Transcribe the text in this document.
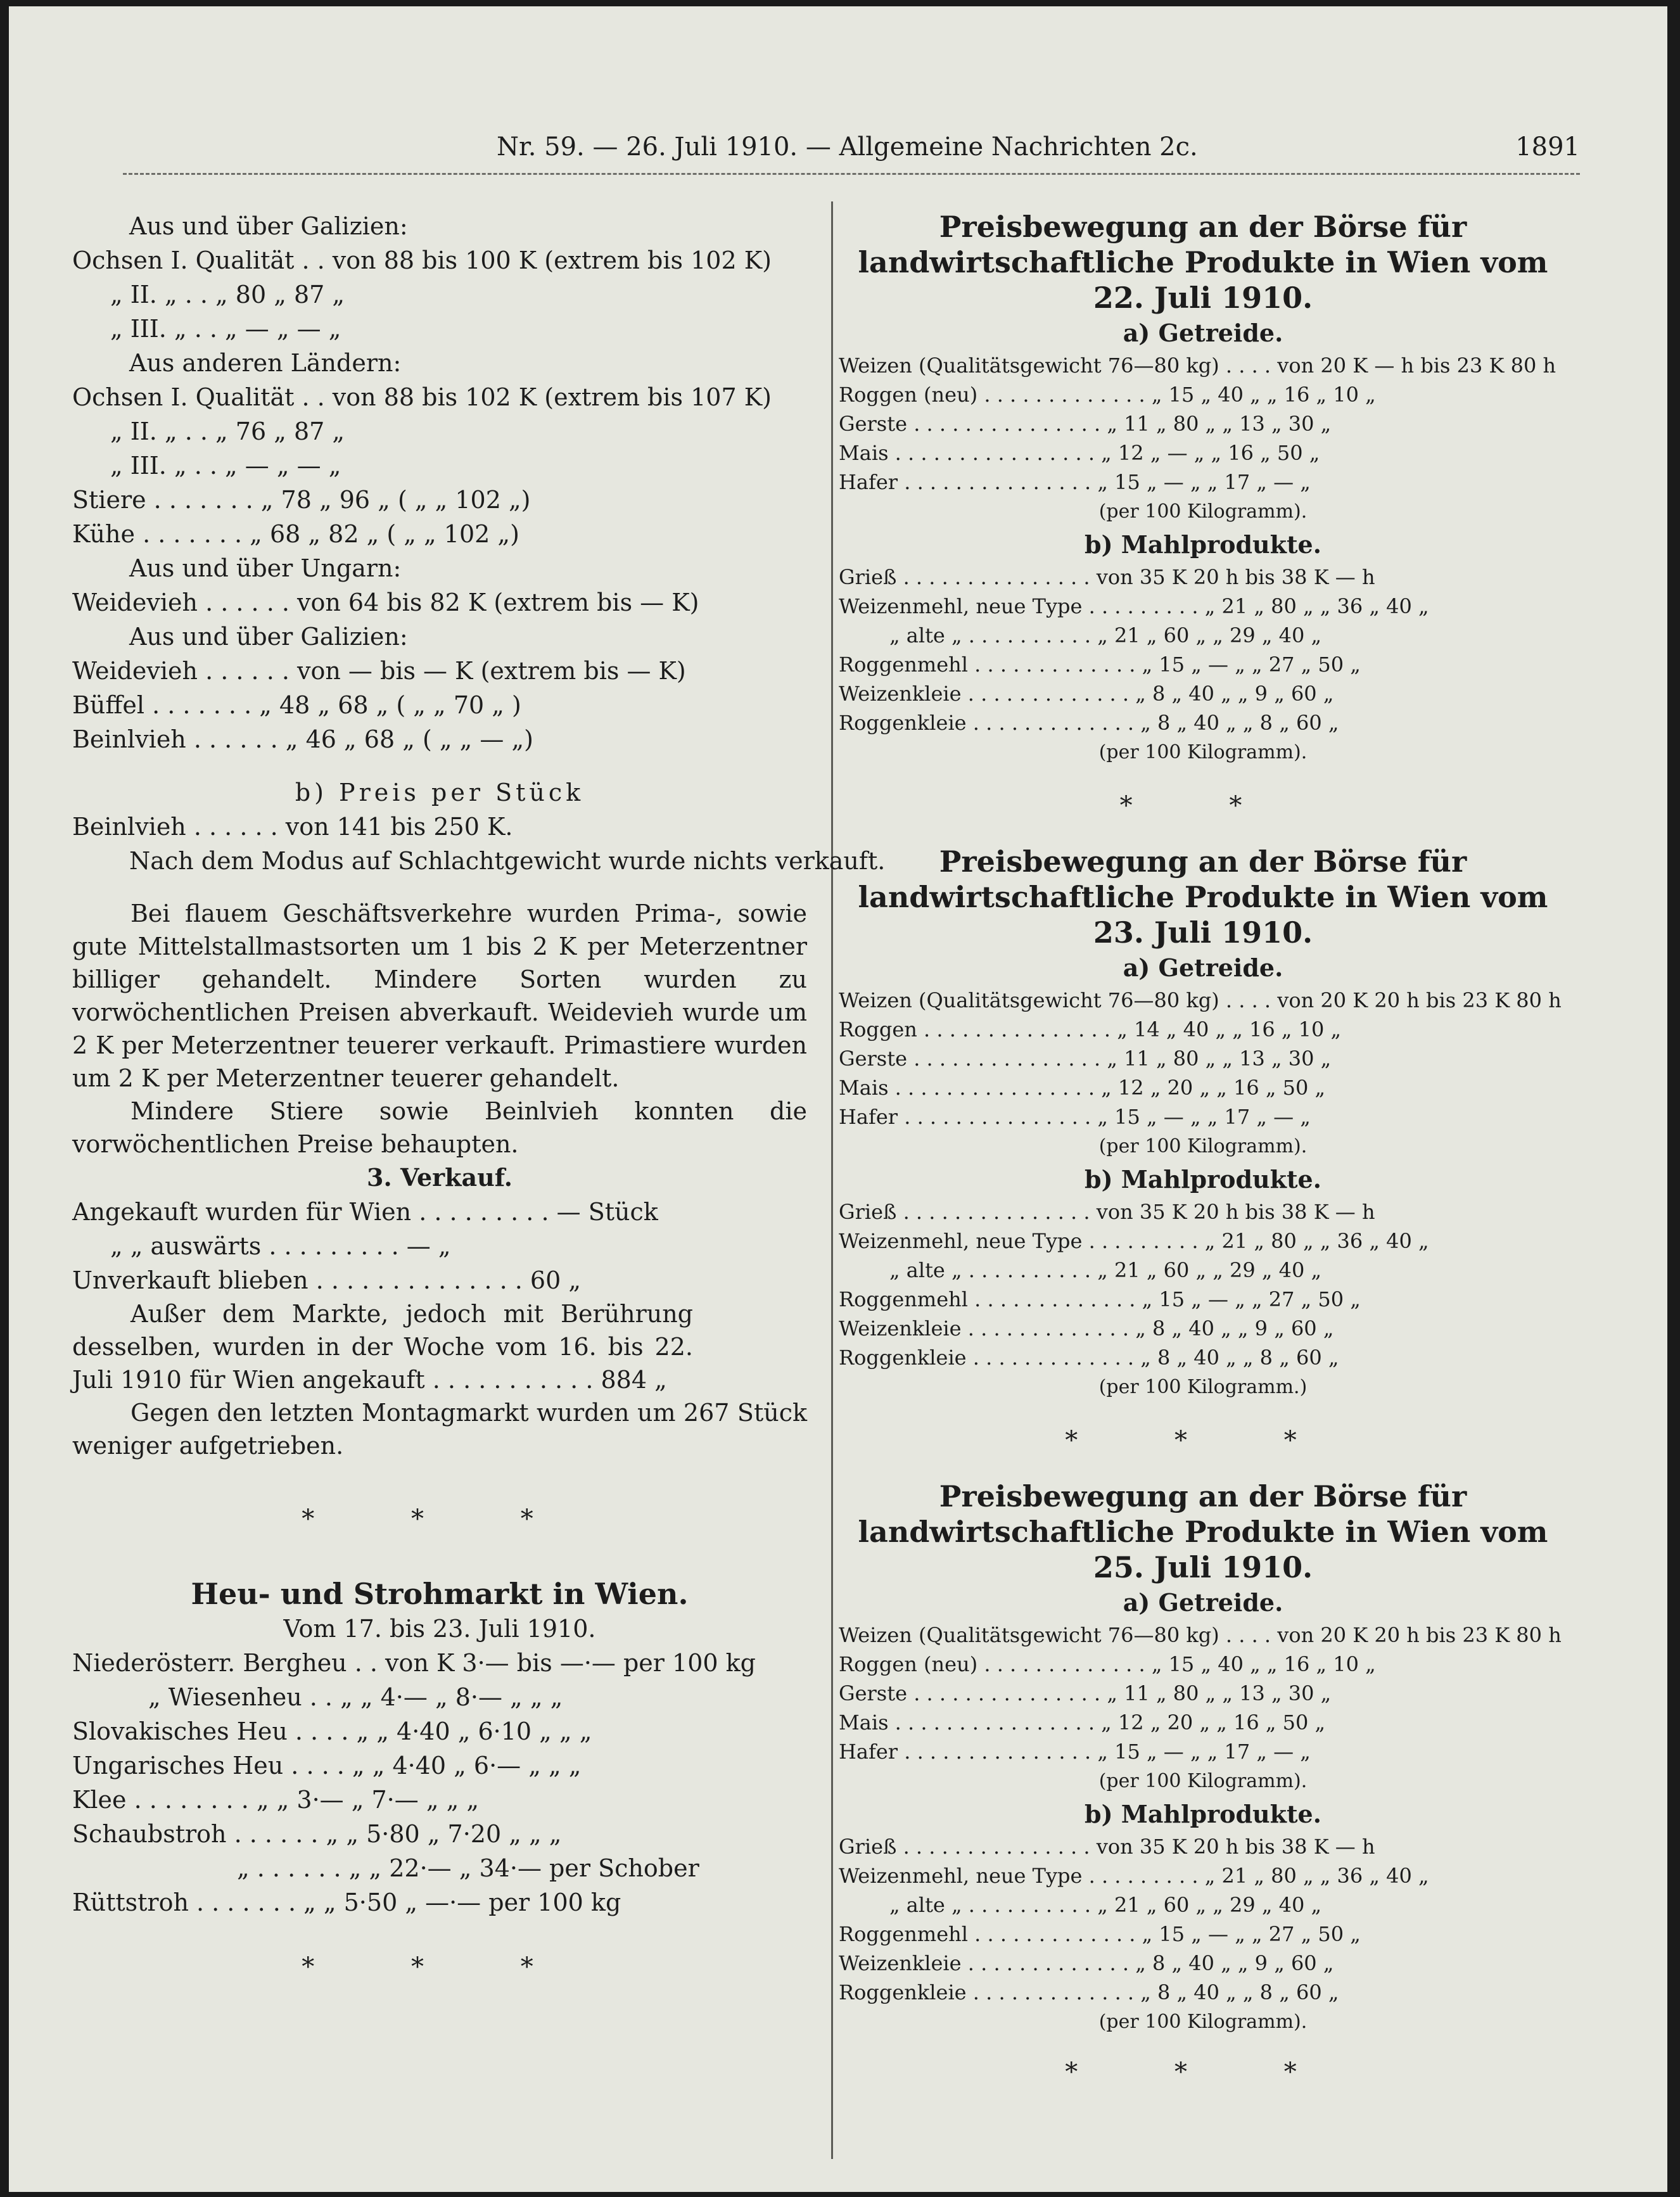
Nr. 59. — 26. Juli 1910. — Allgemeine Nachrichten 2c.	1891
Aus und über Galizien:
Ochsen I. Qualität . . von 88 bis 100 K (extrem bis 102 K)
„ II. „ . . „ 80 „ 87 „
„ III. „ . . „ — „ — „
Aus anderen Ländern:
Ochsen I. Qualität . . von 88 bis 102 K (extrem bis 107 K)
„ II. „ . . „ 76 „ 87 „
„ III. „ . . „ — „ — „
Stiere . . . . . . . „ 78 „ 96 „ ( „ „ 102 „)
Kühe . . . . . . . „ 68 „ 82 „ ( „ „ 102 „)
Aus und über Ungarn:
Weidevieh . . . . . . von 64 bis 82 K (extrem bis — K)
Aus und über Galizien:
Weidevieh . . . . . . von — bis — K (extrem bis — K)
Büffel . . . . . . . „ 48 „ 68 „ ( „ „ 70 „ )
Beinlvieh . . . . . . „ 46 „ 68 „ ( „ „ — „)
b) Preis per Stück
Beinlvieh . . . . . . von 141 bis 250 K.
Nach dem Modus auf Schlachtgewicht wurde nichts verkauft.

Bei flauem Geschäftsverkehre wurden Prima-, sowie gute Mittelstallmastsorten um 1 bis 2 K per Meterzentner billiger gehandelt. Mindere Sorten wurden zu vorwöchentlichen Preisen abverkauft. Weidevieh wurde um 2 K per Meterzentner teuerer verkauft. Primastiere wurden um 2 K per Meterzentner teuerer gehandelt.

Mindere Stiere sowie Beinlvieh konnten die vorwöchentlichen Preise behaupten.

3. Verkauf.
Angekauft wurden für Wien . . . . . . . . . — Stück
„ „ auswärts . . . . . . . . . — „
Unverkauft blieben . . . . . . . . . . . . . . 60 „

Außer dem Markte, jedoch mit Berührung desselben, wurden in der Woche vom 16. bis 22. Juli 1910 für Wien angekauft . . . . . . . . . . . 884 „

Gegen den letzten Montagmarkt wurden um 267 Stück weniger aufgetrieben.

* * *
Heu- und Strohmarkt in Wien.
Vom 17. bis 23. Juli 1910.
Niederösterr. Bergheu . . von K 3·— bis —·— per 100 kg
„ Wiesenheu . . „ „ 4·— „ 8·— „ „ „
Slovakisches Heu . . . . „ „ 4·40 „ 6·10 „ „ „
Ungarisches Heu . . . . „ „ 4·40 „ 6·— „ „ „
Klee . . . . . . . . „ „ 3·— „ 7·— „ „ „
Schaubstroh . . . . . . „ „ 5·80 „ 7·20 „ „ „
„ . . . . . . „ „ 22·— „ 34·— per Schober
Rüttstroh . . . . . . . „ „ 5·50 „ —·— per 100 kg
* * *
Preisbewegung an der Börse für landwirtschaftliche Produkte in Wien vom 22. Juli 1910.
a) Getreide.
Weizen (Qualitätsgewicht 76—80 kg) . . . . von 20 K — h bis 23 K 80 h
Roggen (neu) . . . . . . . . . . . . . „ 15 „ 40 „ „ 16 „ 10 „
Gerste . . . . . . . . . . . . . . . „ 11 „ 80 „ „ 13 „ 30 „
Mais . . . . . . . . . . . . . . . . „ 12 „ — „ „ 16 „ 50 „
Hafer . . . . . . . . . . . . . . . „ 15 „ — „ „ 17 „ — „
(per 100 Kilogramm).
b) Mahlprodukte.
Grieß . . . . . . . . . . . . . . . von 35 K 20 h bis 38 K — h
Weizenmehl, neue Type . . . . . . . . . „ 21 „ 80 „ „ 36 „ 40 „
„ alte „ . . . . . . . . . . „ 21 „ 60 „ „ 29 „ 40 „
Roggenmehl . . . . . . . . . . . . . „ 15 „ — „ „ 27 „ 50 „
Weizenkleie . . . . . . . . . . . . . „ 8 „ 40 „ „ 9 „ 60 „
Roggenkleie . . . . . . . . . . . . . „ 8 „ 40 „ „ 8 „ 60 „
(per 100 Kilogramm).
* *
Preisbewegung an der Börse für landwirtschaftliche Produkte in Wien vom 23. Juli 1910.
a) Getreide.
Weizen (Qualitätsgewicht 76—80 kg) . . . . von 20 K 20 h bis 23 K 80 h
Roggen . . . . . . . . . . . . . . . „ 14 „ 40 „ „ 16 „ 10 „
Gerste . . . . . . . . . . . . . . . „ 11 „ 80 „ „ 13 „ 30 „
Mais . . . . . . . . . . . . . . . . „ 12 „ 20 „ „ 16 „ 50 „
Hafer . . . . . . . . . . . . . . . „ 15 „ — „ „ 17 „ — „
(per 100 Kilogramm).
b) Mahlprodukte.
Grieß . . . . . . . . . . . . . . . von 35 K 20 h bis 38 K — h
Weizenmehl, neue Type . . . . . . . . . „ 21 „ 80 „ „ 36 „ 40 „
„ alte „ . . . . . . . . . . „ 21 „ 60 „ „ 29 „ 40 „
Roggenmehl . . . . . . . . . . . . . „ 15 „ — „ „ 27 „ 50 „
Weizenkleie . . . . . . . . . . . . . „ 8 „ 40 „ „ 9 „ 60 „
Roggenkleie . . . . . . . . . . . . . „ 8 „ 40 „ „ 8 „ 60 „
(per 100 Kilogramm.)
* * *
Preisbewegung an der Börse für landwirtschaftliche Produkte in Wien vom 25. Juli 1910.
a) Getreide.
Weizen (Qualitätsgewicht 76—80 kg) . . . . von 20 K 20 h bis 23 K 80 h
Roggen (neu) . . . . . . . . . . . . . „ 15 „ 40 „ „ 16 „ 10 „
Gerste . . . . . . . . . . . . . . . „ 11 „ 80 „ „ 13 „ 30 „
Mais . . . . . . . . . . . . . . . . „ 12 „ 20 „ „ 16 „ 50 „
Hafer . . . . . . . . . . . . . . . „ 15 „ — „ „ 17 „ — „
(per 100 Kilogramm).
b) Mahlprodukte.
Grieß . . . . . . . . . . . . . . . von 35 K 20 h bis 38 K — h
Weizenmehl, neue Type . . . . . . . . . „ 21 „ 80 „ „ 36 „ 40 „
„ alte „ . . . . . . . . . . „ 21 „ 60 „ „ 29 „ 40 „
Roggenmehl . . . . . . . . . . . . . „ 15 „ — „ „ 27 „ 50 „
Weizenkleie . . . . . . . . . . . . . „ 8 „ 40 „ „ 9 „ 60 „
Roggenkleie . . . . . . . . . . . . . „ 8 „ 40 „ „ 8 „ 60 „
(per 100 Kilogramm).
* * *
